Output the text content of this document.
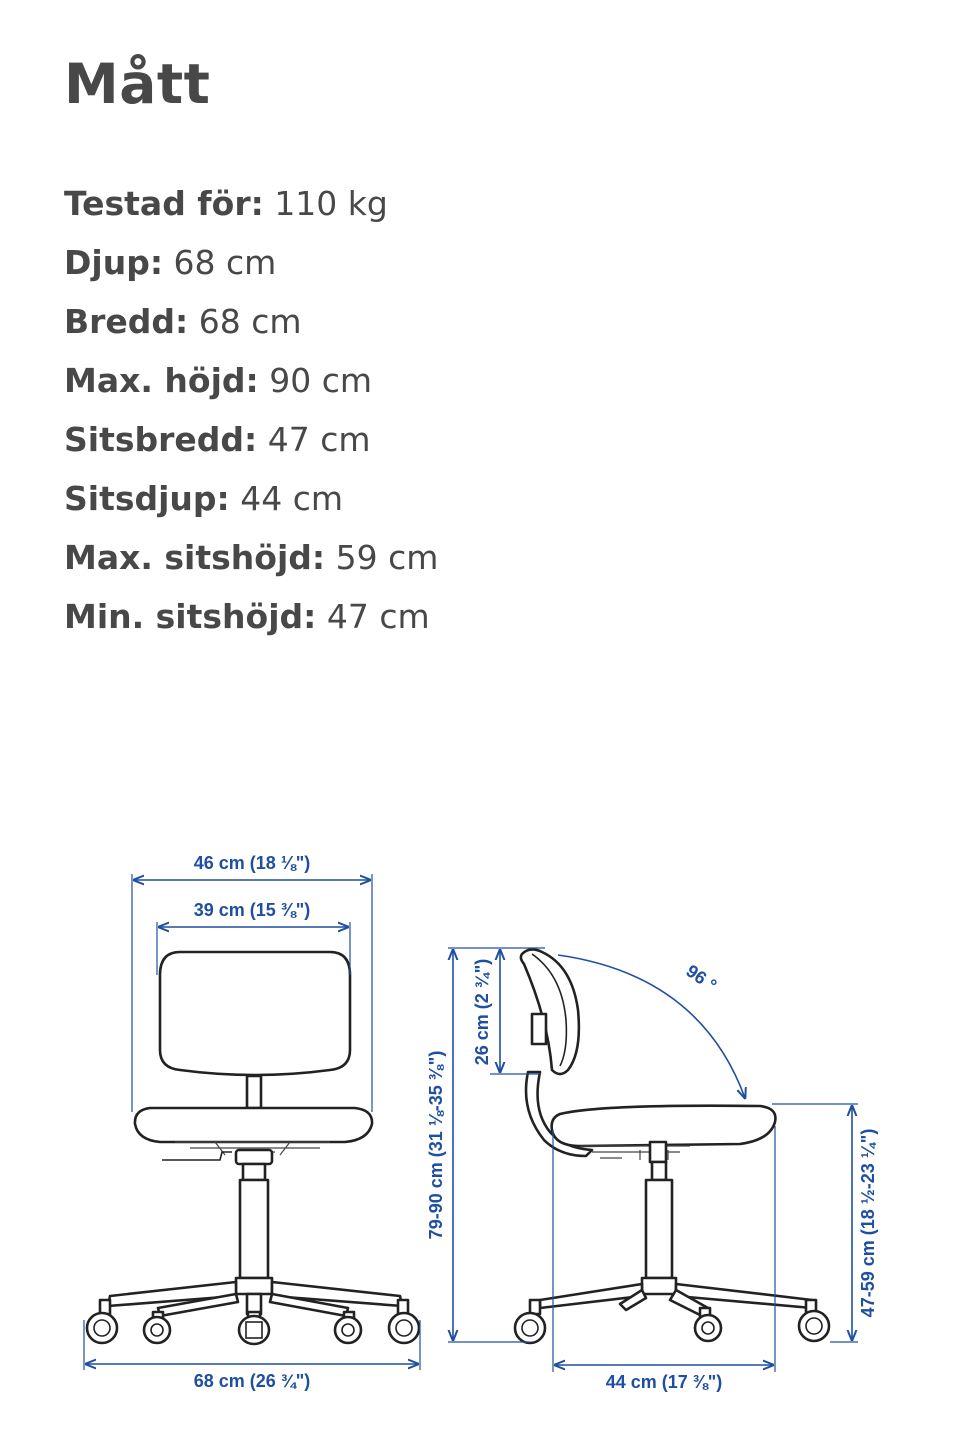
Mått
Testad för: 110 kg
Djup: 68 cm
Bredd: 68 cm
Max. höjd: 90 cm
Sitsbredd: 47 cm
Sitsdjup: 44 cm
Max. sitshöjd: 59 cm
Min. sitshöjd: 47 cm
46 cm (18 ⅛")
39 cm (15 ⅜")
68 cm (26 ¾")
79-90 cm (31 ⅛-35 ⅜")
26 cm (2 ¾")	96 °
47-59 cm (18 ½-23 ¼")
44 cm (17 ⅜")
